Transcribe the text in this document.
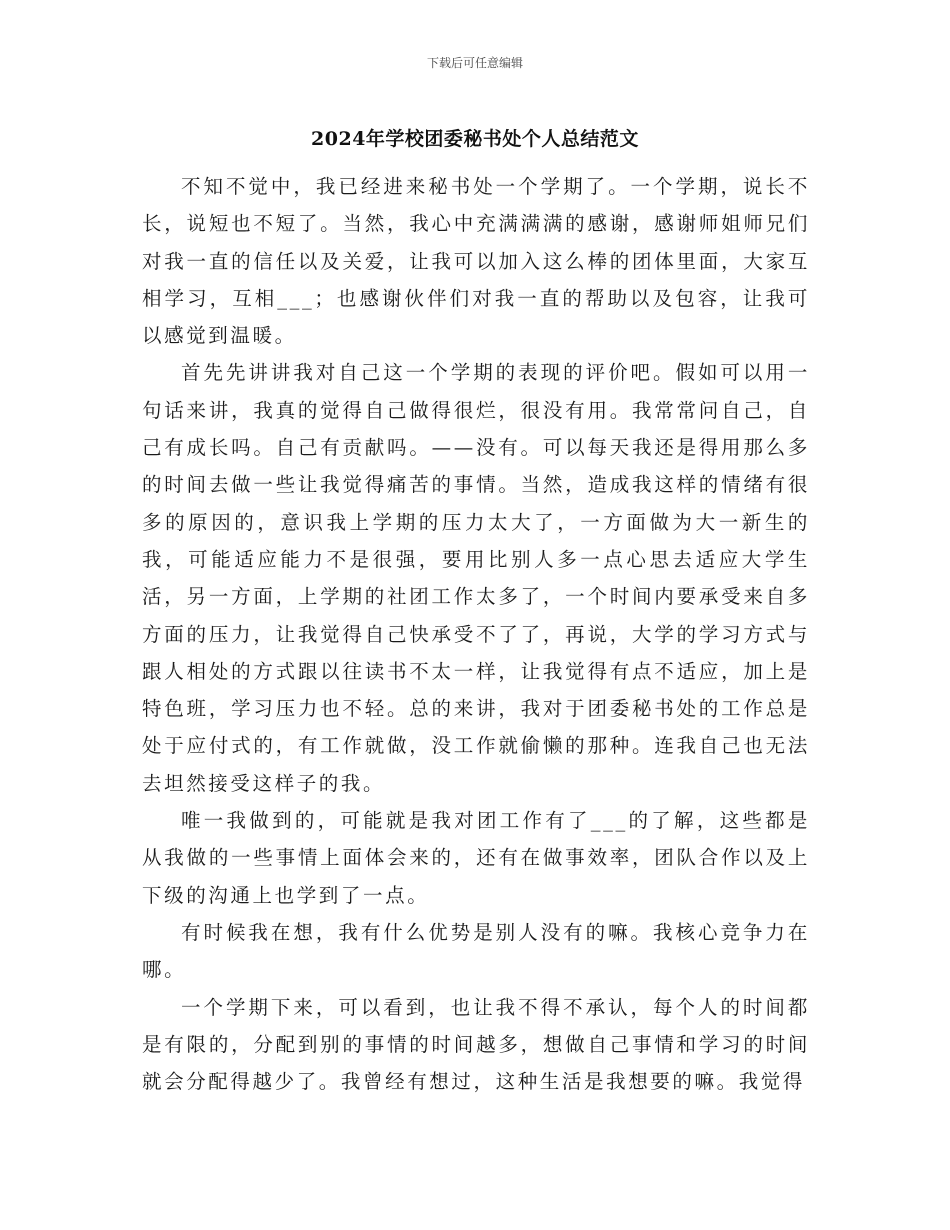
下载后可任意编辑
2024年学校团委秘书处个人总结范文

不知不觉中，我已经进来秘书处一个学期了。一个学期，说长不长，说短也不短了。当然，我心中充满满满的感谢，感谢师姐师兄们对我一直的信任以及关爱，让我可以加入这么棒的团体里面，大家互相学习，互相___；也感谢伙伴们对我一直的帮助以及包容，让我可以感觉到温暖。

首先先讲讲我对自己这一个学期的表现的评价吧。假如可以用一句话来讲，我真的觉得自己做得很烂，很没有用。我常常问自己，自己有成长吗。自己有贡献吗。——没有。可以每天我还是得用那么多的时间去做一些让我觉得痛苦的事情。当然，造成我这样的情绪有很多的原因的，意识我上学期的压力太大了，一方面做为大一新生的我，可能适应能力不是很强，要用比别人多一点心思去适应大学生活，另一方面，上学期的社团工作太多了，一个时间内要承受来自多方面的压力，让我觉得自己快承受不了了，再说，大学的学习方式与跟人相处的方式跟以往读书不太一样，让我觉得有点不适应，加上是特色班，学习压力也不轻。总的来讲，我对于团委秘书处的工作总是处于应付式的，有工作就做，没工作就偷懒的那种。连我自己也无法去坦然接受这样子的我。

唯一我做到的，可能就是我对团工作有了___的了解，这些都是从我做的一些事情上面体会来的，还有在做事效率，团队合作以及上下级的沟通上也学到了一点。

有时候我在想，我有什么优势是别人没有的嘛。我核心竞争力在哪。

一个学期下来，可以看到，也让我不得不承认，每个人的时间都是有限的，分配到别的事情的时间越多，想做自己事情和学习的时间就会分配得越少了。我曾经有想过，这种生活是我想要的嘛。我觉得
